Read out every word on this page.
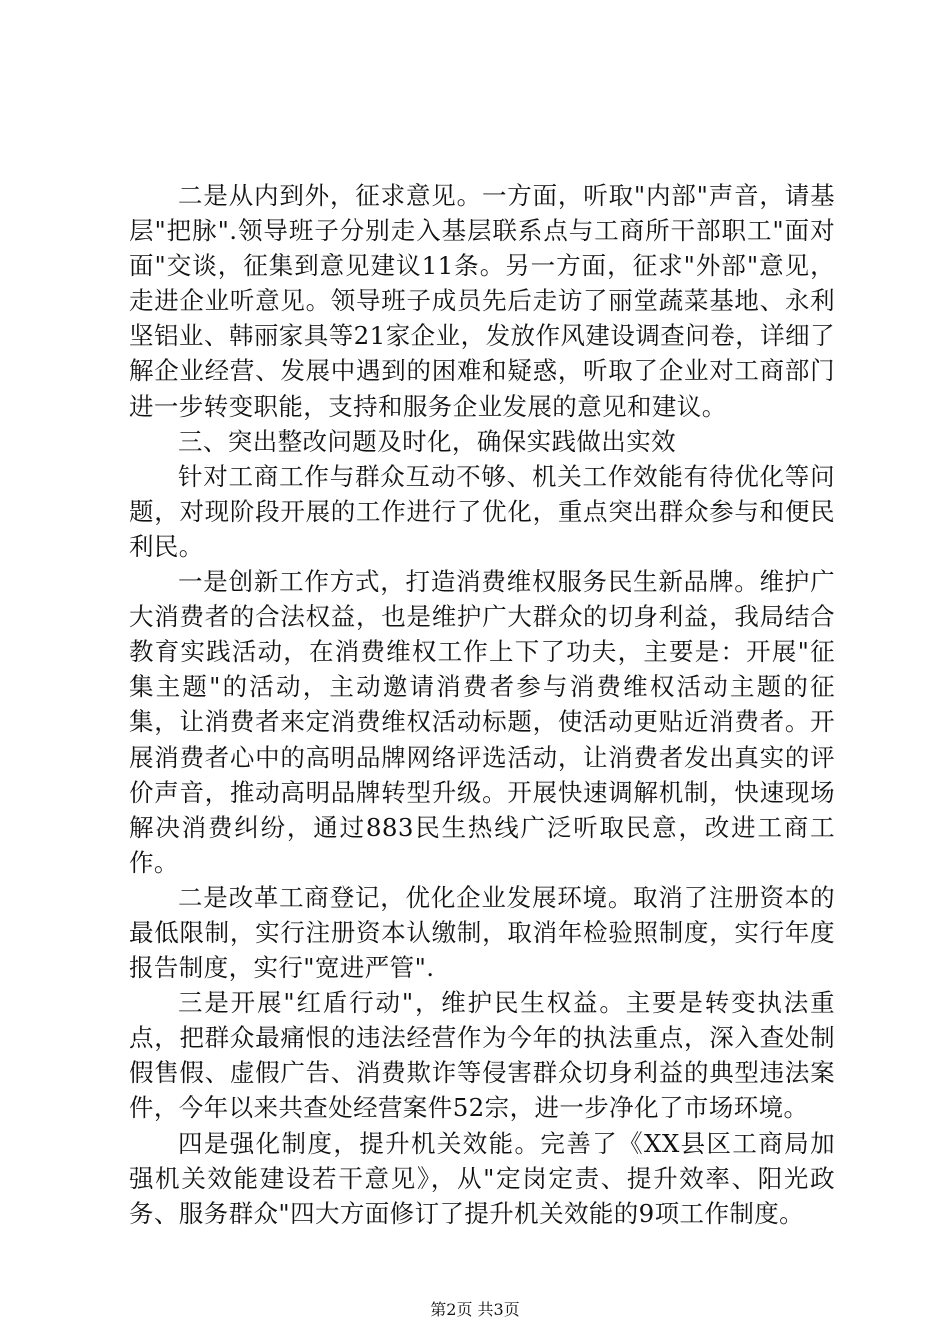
二是从内到外，征求意见。一方面，听取"内部"声音，请基层"把脉".领导班子分别走入基层联系点与工商所干部职工"面对面"交谈，征集到意见建议11条。另一方面，征求"外部"意见，走进企业听意见。领导班子成员先后走访了丽堂蔬菜基地、永利坚铝业、韩丽家具等21家企业，发放作风建设调查问卷，详细了解企业经营、发展中遇到的困难和疑惑，听取了企业对工商部门进一步转变职能，支持和服务企业发展的意见和建议。

三、突出整改问题及时化，确保实践做出实效

针对工商工作与群众互动不够、机关工作效能有待优化等问题，对现阶段开展的工作进行了优化，重点突出群众参与和便民利民。

一是创新工作方式，打造消费维权服务民生新品牌。维护广大消费者的合法权益，也是维护广大群众的切身利益，我局结合教育实践活动，在消费维权工作上下了功夫，主要是：开展"征集主题"的活动，主动邀请消费者参与消费维权活动主题的征集，让消费者来定消费维权活动标题，使活动更贴近消费者。开展消费者心中的高明品牌网络评选活动，让消费者发出真实的评价声音，推动高明品牌转型升级。开展快速调解机制，快速现场解决消费纠纷，通过883民生热线广泛听取民意，改进工商工作。

二是改革工商登记，优化企业发展环境。取消了注册资本的最低限制，实行注册资本认缴制，取消年检验照制度，实行年度报告制度，实行"宽进严管".

三是开展"红盾行动"，维护民生权益。主要是转变执法重点，把群众最痛恨的违法经营作为今年的执法重点，深入查处制假售假、虚假广告、消费欺诈等侵害群众切身利益的典型违法案件，今年以来共查处经营案件52宗，进一步净化了市场环境。

四是强化制度，提升机关效能。完善了《XX县区工商局加强机关效能建设若干意见》，从"定岗定责、提升效率、阳光政务、服务群众"四大方面修订了提升机关效能的9项工作制度。

第2页 共3页
